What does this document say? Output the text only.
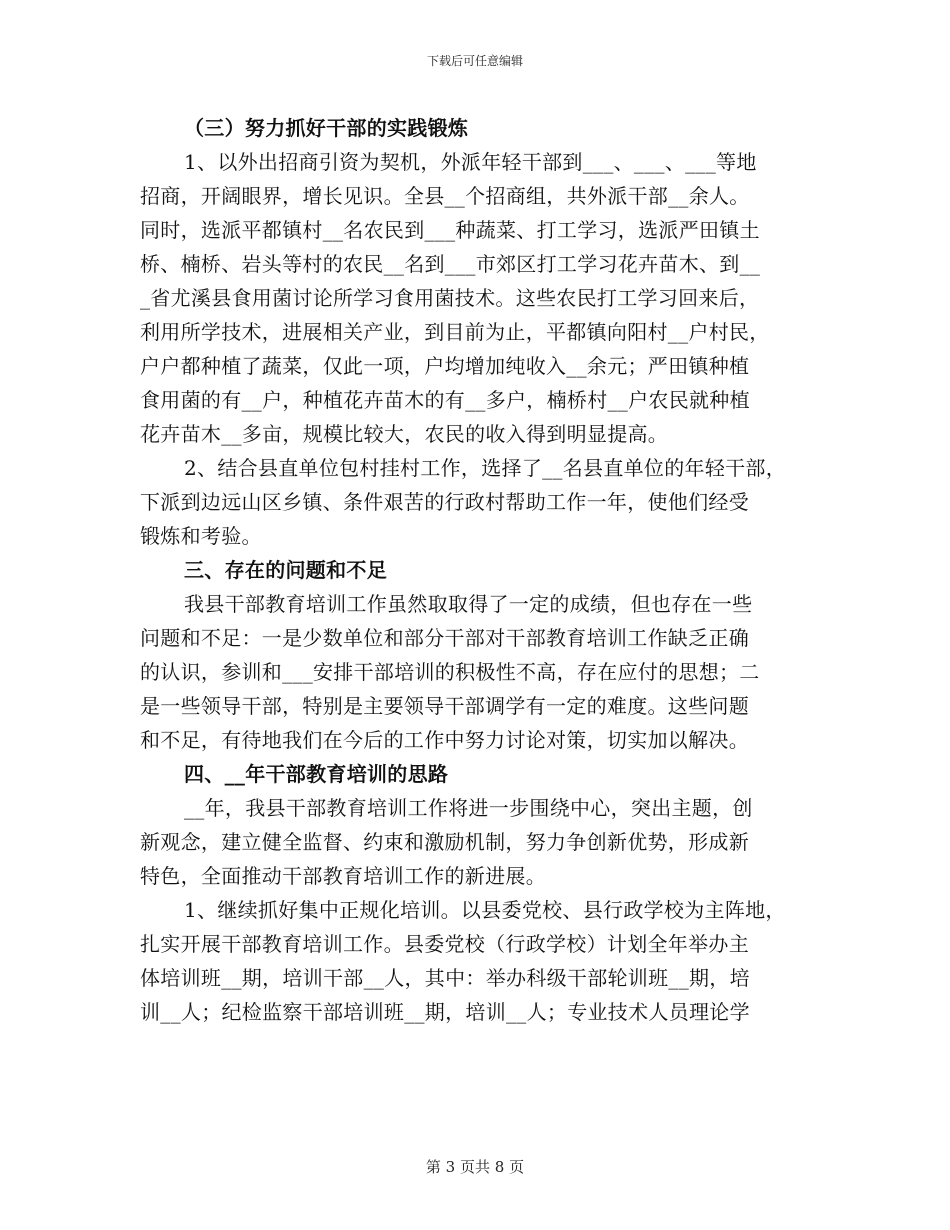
下载后可任意编辑
（三）努力抓好干部的实践锻炼
1、以外出招商引资为契机，外派年轻干部到___、___、___等地
招商，开阔眼界，增长见识。全县__个招商组，共外派干部__余人。
同时，选派平都镇村__名农民到___种蔬菜、打工学习，选派严田镇土
桥、楠桥、岩头等村的农民__名到___市郊区打工学习花卉苗木、到__
_省尤溪县食用菌讨论所学习食用菌技术。这些农民打工学习回来后，
利用所学技术，进展相关产业，到目前为止，平都镇向阳村__户村民，
户户都种植了蔬菜，仅此一项，户均增加纯收入__余元；严田镇种植
食用菌的有__户，种植花卉苗木的有__多户，楠桥村__户农民就种植
花卉苗木__多亩，规模比较大，农民的收入得到明显提高。
2、结合县直单位包村挂村工作，选择了__名县直单位的年轻干部，
下派到边远山区乡镇、条件艰苦的行政村帮助工作一年，使他们经受
锻炼和考验。
三、存在的问题和不足
我县干部教育培训工作虽然取取得了一定的成绩，但也存在一些
问题和不足：一是少数单位和部分干部对干部教育培训工作缺乏正确
的认识，参训和___安排干部培训的积极性不高，存在应付的思想；二
是一些领导干部，特别是主要领导干部调学有一定的难度。这些问题
和不足，有待地我们在今后的工作中努力讨论对策，切实加以解决。
四、__年干部教育培训的思路
__年，我县干部教育培训工作将进一步围绕中心，突出主题，创
新观念，建立健全监督、约束和激励机制，努力争创新优势，形成新
特色，全面推动干部教育培训工作的新进展。
1、继续抓好集中正规化培训。以县委党校、县行政学校为主阵地，
扎实开展干部教育培训工作。县委党校（行政学校）计划全年举办主
体培训班__期，培训干部__人，其中：举办科级干部轮训班__期，培
训__人；纪检监察干部培训班__期，培训__人；专业技术人员理论学
第 3 页共 8 页
